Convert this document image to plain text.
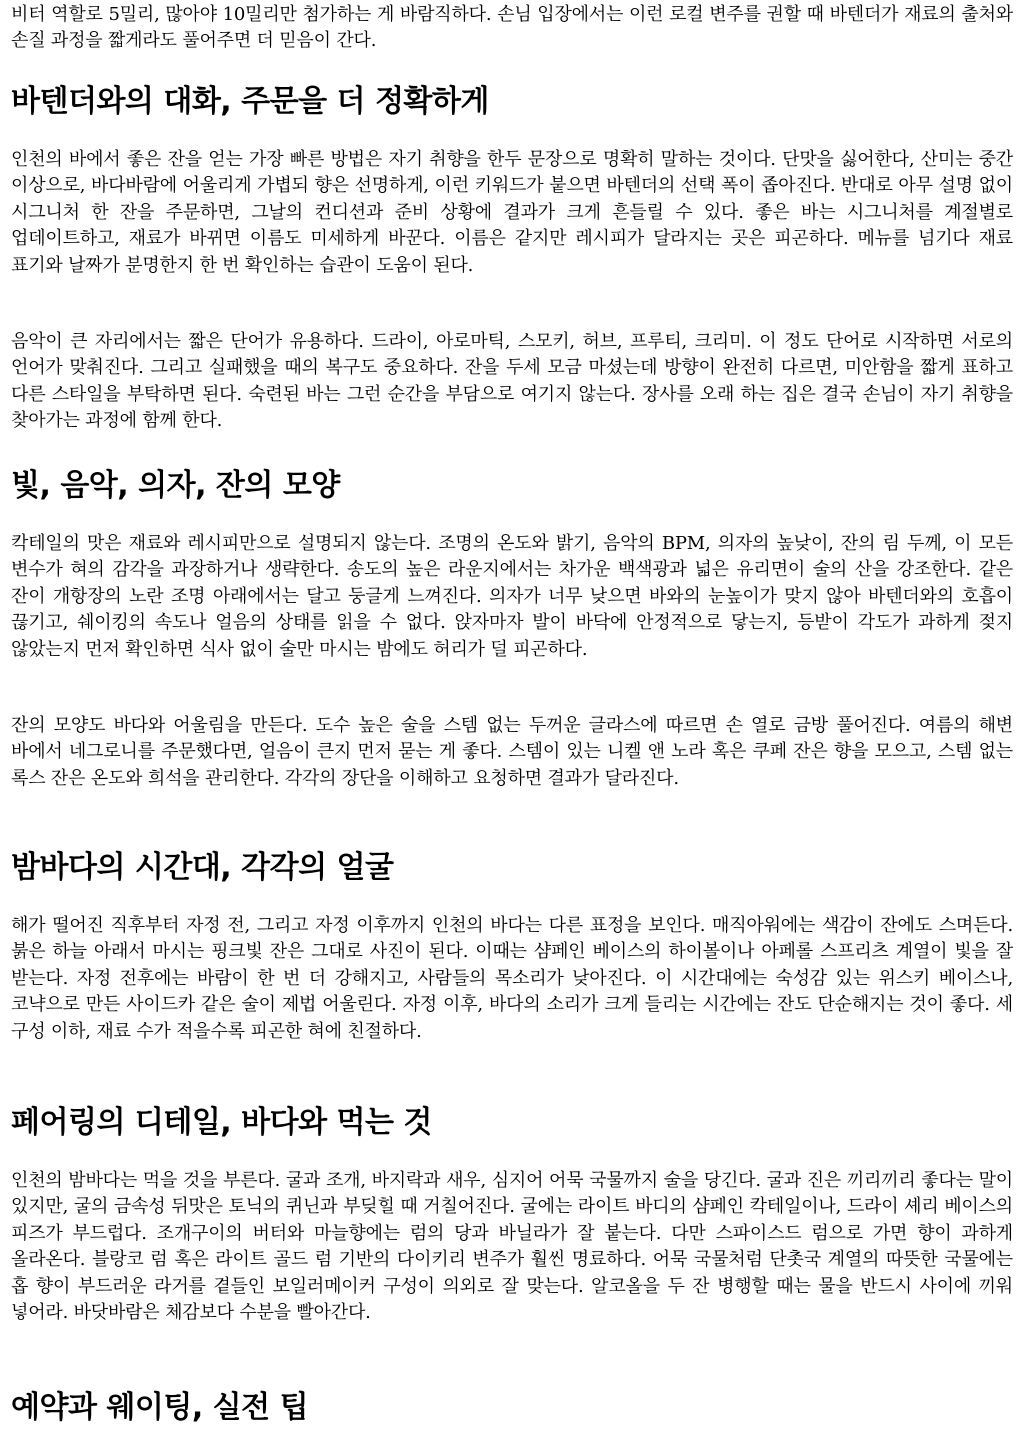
비터 역할로 5밀리, 많아야 10밀리만 첨가하는 게 바람직하다. 손님 입장에서는 이런 로컬 변주를 권할 때 바텐더가 재료의 출처와 손질 과정을 짧게라도 풀어주면 더 믿음이 간다.

바텐더와의 대화, 주문을 더 정확하게

인천의 바에서 좋은 잔을 얻는 가장 빠른 방법은 자기 취향을 한두 문장으로 명확히 말하는 것이다. 단맛을 싫어한다, 산미는 중간 이상으로, 바다바람에 어울리게 가볍되 향은 선명하게, 이런 키워드가 붙으면 바텐더의 선택 폭이 좁아진다. 반대로 아무 설명 없이 시그니처 한 잔을 주문하면, 그날의 컨디션과 준비 상황에 결과가 크게 흔들릴 수 있다. 좋은 바는 시그니처를 계절별로 업데이트하고, 재료가 바뀌면 이름도 미세하게 바꾼다. 이름은 같지만 레시피가 달라지는 곳은 피곤하다. 메뉴를 넘기다 재료 표기와 날짜가 분명한지 한 번 확인하는 습관이 도움이 된다.

음악이 큰 자리에서는 짧은 단어가 유용하다. 드라이, 아로마틱, 스모키, 허브, 프루티, 크리미. 이 정도 단어로 시작하면 서로의 언어가 맞춰진다. 그리고 실패했을 때의 복구도 중요하다. 잔을 두세 모금 마셨는데 방향이 완전히 다르면, 미안함을 짧게 표하고 다른 스타일을 부탁하면 된다. 숙련된 바는 그런 순간을 부담으로 여기지 않는다. 장사를 오래 하는 집은 결국 손님이 자기 취향을 찾아가는 과정에 함께 한다.

빛, 음악, 의자, 잔의 모양

칵테일의 맛은 재료와 레시피만으로 설명되지 않는다. 조명의 온도와 밝기, 음악의 BPM, 의자의 높낮이, 잔의 림 두께, 이 모든 변수가 혀의 감각을 과장하거나 생략한다. 송도의 높은 라운지에서는 차가운 백색광과 넓은 유리면이 술의 산을 강조한다. 같은 잔이 개항장의 노란 조명 아래에서는 달고 둥글게 느껴진다. 의자가 너무 낮으면 바와의 눈높이가 맞지 않아 바텐더와의 호흡이 끊기고, 쉐이킹의 속도나 얼음의 상태를 읽을 수 없다. 앉자마자 발이 바닥에 안정적으로 닿는지, 등받이 각도가 과하게 젖지 않았는지 먼저 확인하면 식사 없이 술만 마시는 밤에도 허리가 덜 피곤하다.

잔의 모양도 바다와 어울림을 만든다. 도수 높은 술을 스템 없는 두꺼운 글라스에 따르면 손 열로 금방 풀어진다. 여름의 해변 바에서 네그로니를 주문했다면, 얼음이 큰지 먼저 묻는 게 좋다. 스템이 있는 니켈 앤 노라 혹은 쿠페 잔은 향을 모으고, 스템 없는 록스 잔은 온도와 희석을 관리한다. 각각의 장단을 이해하고 요청하면 결과가 달라진다.

밤바다의 시간대, 각각의 얼굴

해가 떨어진 직후부터 자정 전, 그리고 자정 이후까지 인천의 바다는 다른 표정을 보인다. 매직아워에는 색감이 잔에도 스며든다. 붉은 하늘 아래서 마시는 핑크빛 잔은 그대로 사진이 된다. 이때는 샴페인 베이스의 하이볼이나 아페롤 스프리츠 계열이 빛을 잘 받는다. 자정 전후에는 바람이 한 번 더 강해지고, 사람들의 목소리가 낮아진다. 이 시간대에는 숙성감 있는 위스키 베이스나, 코냑으로 만든 사이드카 같은 술이 제법 어울린다. 자정 이후, 바다의 소리가 크게 들리는 시간에는 잔도 단순해지는 것이 좋다. 세 구성 이하, 재료 수가 적을수록 피곤한 혀에 친절하다.

페어링의 디테일, 바다와 먹는 것

인천의 밤바다는 먹을 것을 부른다. 굴과 조개, 바지락과 새우, 심지어 어묵 국물까지 술을 당긴다. 굴과 진은 끼리끼리 좋다는 말이 있지만, 굴의 금속성 뒤맛은 토닉의 퀴닌과 부딪힐 때 거칠어진다. 굴에는 라이트 바디의 샴페인 칵테일이나, 드라이 셰리 베이스의 피즈가 부드럽다. 조개구이의 버터와 마늘향에는 럼의 당과 바닐라가 잘 붙는다. 다만 스파이스드 럼으로 가면 향이 과하게 올라온다. 블랑코 럼 혹은 라이트 골드 럼 기반의 다이키리 변주가 훨씬 명료하다. 어묵 국물처럼 단촛국 계열의 따뜻한 국물에는 홉 향이 부드러운 라거를 곁들인 보일러메이커 구성이 의외로 잘 맞는다. 알코올을 두 잔 병행할 때는 물을 반드시 사이에 끼워 넣어라. 바닷바람은 체감보다 수분을 빨아간다.

예약과 웨이팅, 실전 팁
